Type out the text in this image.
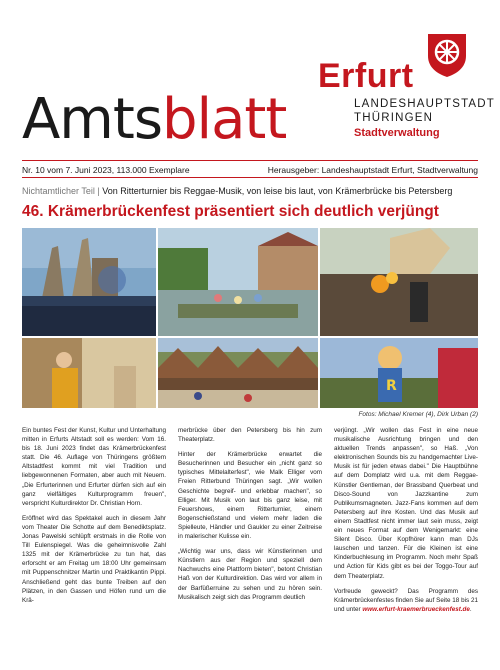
Amtsblatt
Erfurt
LANDESHAUPTSTADT
THÜRINGEN
Stadtverwaltung
Nr. 10 vom 7. Juni 2023, 113.000 Exemplare	Herausgeber: Landeshauptstadt Erfurt, Stadtverwaltung
Nichtamtlicher Teil | Von Ritterturnier bis Reggae-Musik, von leise bis laut, von Krämerbrücke bis Petersberg
46. Krämerbrückenfest präsentiert sich deutlich verjüngt
R
Fotos: Michael Kremer (4), Dirk Urban (2)

Ein buntes Fest der Kunst, Kultur und Unterhaltung mitten in Erfurts Altstadt soll es werden: Vom 16. bis 18. Juni 2023 findet das Krämerbrückenfest statt. Die 46. Auflage von Thüringens größtem Altstadtfest kommt mit viel Tradition und liebgewonnenen Formaten, aber auch mit Neuem. „Die Erfurterinnen und Erfurter dürfen sich auf ein ganz vielfältiges Kulturprogramm freuen", verspricht Kulturdirektor Dr. Christian Horn.

Eröffnet wird das Spektakel auch in diesem Jahr vom Theater Die Schotte auf dem Benediktsplatz. Jonas Pawelski schlüpft erstmals in die Rolle von Till Eulenspiegel. Was die geheimnisvolle Zahl 1325 mit der Krämerbrücke zu tun hat, das erforscht er am Freitag um 18:00 Uhr gemeinsam mit Puppenschnitzer Martin und Praktikantin Pippi. Anschließend geht das bunte Treiben auf den Plätzen, in den Gassen und Höfen rund um die Krä-

merbrücke über den Petersberg bis hin zum Theaterplatz.

Hinter der Krämerbrücke erwartet die Besucherinnen und Besucher ein „nicht ganz so typisches Mittelalterfest", wie Malk Elliger vom Freien Ritterbund Thüringen sagt. „Wir wollen Geschichte begreif- und erlebbar machen", so Elliger. Mit Musik von laut bis ganz leise, mit Feuershows, einem Ritterturnier, einem Bogenschießstand und vielem mehr laden die Spielleute, Händler und Gaukler zu einer Zeitreise in malerischer Kulisse ein.

„Wichtig war uns, dass wir Künstlerinnen und Künstlern aus der Region und speziell dem Nachwuchs eine Plattform bieten", betont Christian Haß von der Kulturdirektion. Das wird vor allem in der Barfüßerruine zu sehen und zu hören sein. Musikalisch zeigt sich das Programm deutlich

verjüngt. „Wir wollen das Fest in eine neue musikalische Ausrichtung bringen und den aktuellen Trends anpassen", so Haß. „Von elektronischen Sounds bis zu handgemachter Live-Musik ist für jeden etwas dabei." Die Hauptbühne auf dem Domplatz wird u.a. mit dem Reggae-Künstler Gentleman, der Brassband Querbeat und Disco-Sound von Jazzkantine zum Publikumsmagneten. Jazz-Fans kommen auf dem Petersberg auf ihre Kosten. Und das Musik auf einem Stadtfest nicht immer laut sein muss, zeigt ein neues Format auf dem Wenigemarkt: eine Silent Disco. Über Kopfhörer kann man DJs lauschen und tanzen. Für die Kleinen ist eine Kinderbuchlesung im Programm. Noch mehr Spaß und Action für Kids gibt es bei der Toggo-Tour auf dem Theaterplatz.

Vorfreude geweckt? Das Programm des Krämerbrückenfestes finden Sie auf Seite 18 bis 21 und unter www.erfurt-kraemerbrueckenfest.de.
